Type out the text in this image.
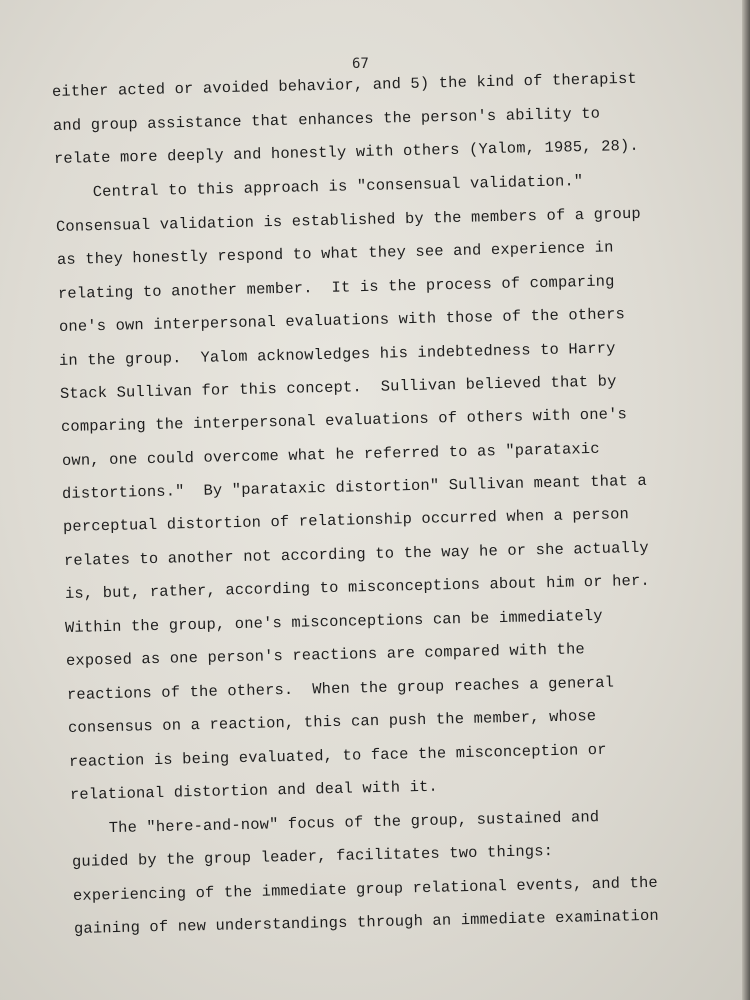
67
either acted or avoided behavior, and 5) the kind of therapist
and group assistance that enhances the person's ability to
relate more deeply and honestly with others (Yalom, 1985, 28).
Central to this approach is "consensual validation."
Consensual validation is established by the members of a group
as they honestly respond to what they see and experience in
relating to another member.  It is the process of comparing
one's own interpersonal evaluations with those of the others
in the group.  Yalom acknowledges his indebtedness to Harry
Stack Sullivan for this concept.  Sullivan believed that by
comparing the interpersonal evaluations of others with one's
own, one could overcome what he referred to as "parataxic
distortions."  By "parataxic distortion" Sullivan meant that a
perceptual distortion of relationship occurred when a person
relates to another not according to the way he or she actually
is, but, rather, according to misconceptions about him or her.
Within the group, one's misconceptions can be immediately
exposed as one person's reactions are compared with the
reactions of the others.  When the group reaches a general
consensus on a reaction, this can push the member, whose
reaction is being evaluated, to face the misconception or
relational distortion and deal with it.
The "here-and-now" focus of the group, sustained and
guided by the group leader, facilitates two things:
experiencing of the immediate group relational events, and the
gaining of new understandings through an immediate examination
